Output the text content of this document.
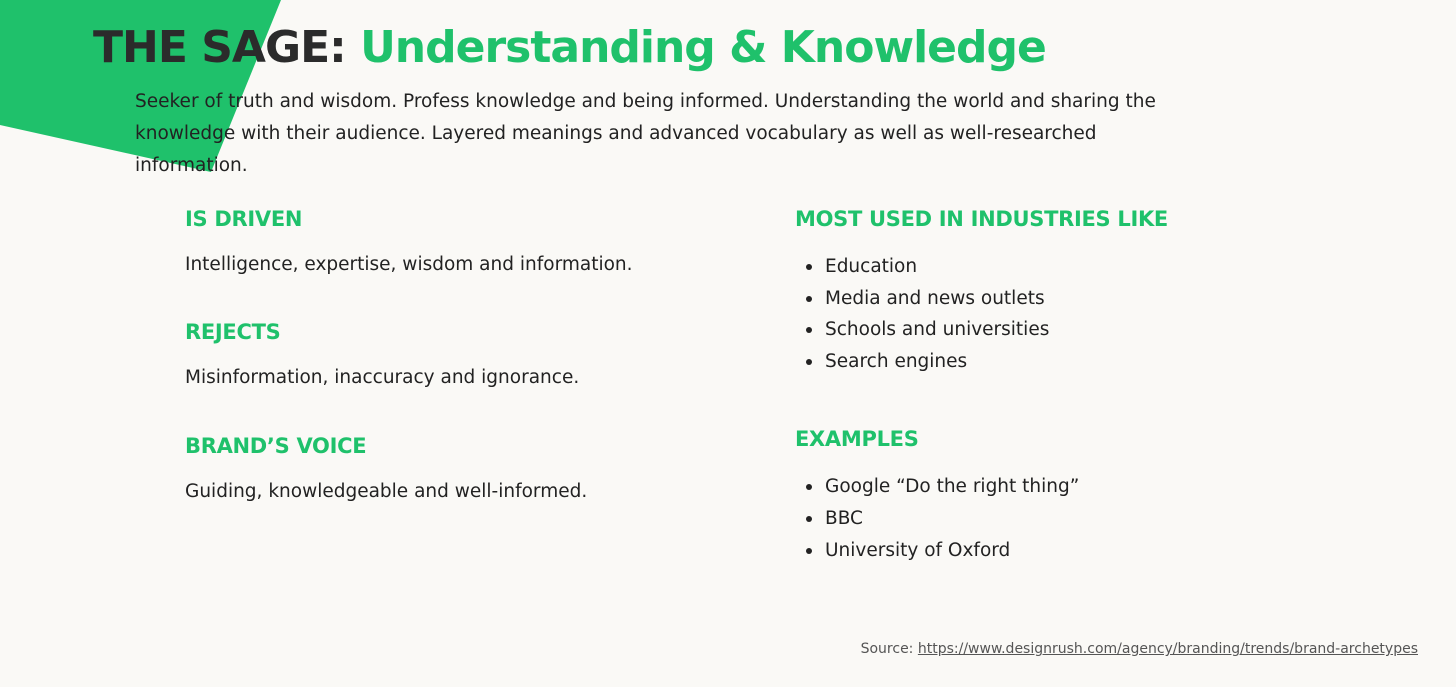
THE SAGE: Understanding & Knowledge
Seeker of truth and wisdom. Profess knowledge and being informed. Understanding the world and sharing the knowledge with their audience. Layered meanings and advanced vocabulary as well as well-researched information.
IS DRIVEN
Intelligence, expertise, wisdom and information.
REJECTS
Misinformation, inaccuracy and ignorance.
BRAND’S VOICE
Guiding, knowledgeable and well-informed.
MOST USED IN INDUSTRIES LIKE
Education
Media and news outlets
Schools and universities
Search engines
EXAMPLES
Google “Do the right thing”
BBC
University of Oxford
Source: https://www.designrush.com/agency/branding/trends/brand-archetypes
